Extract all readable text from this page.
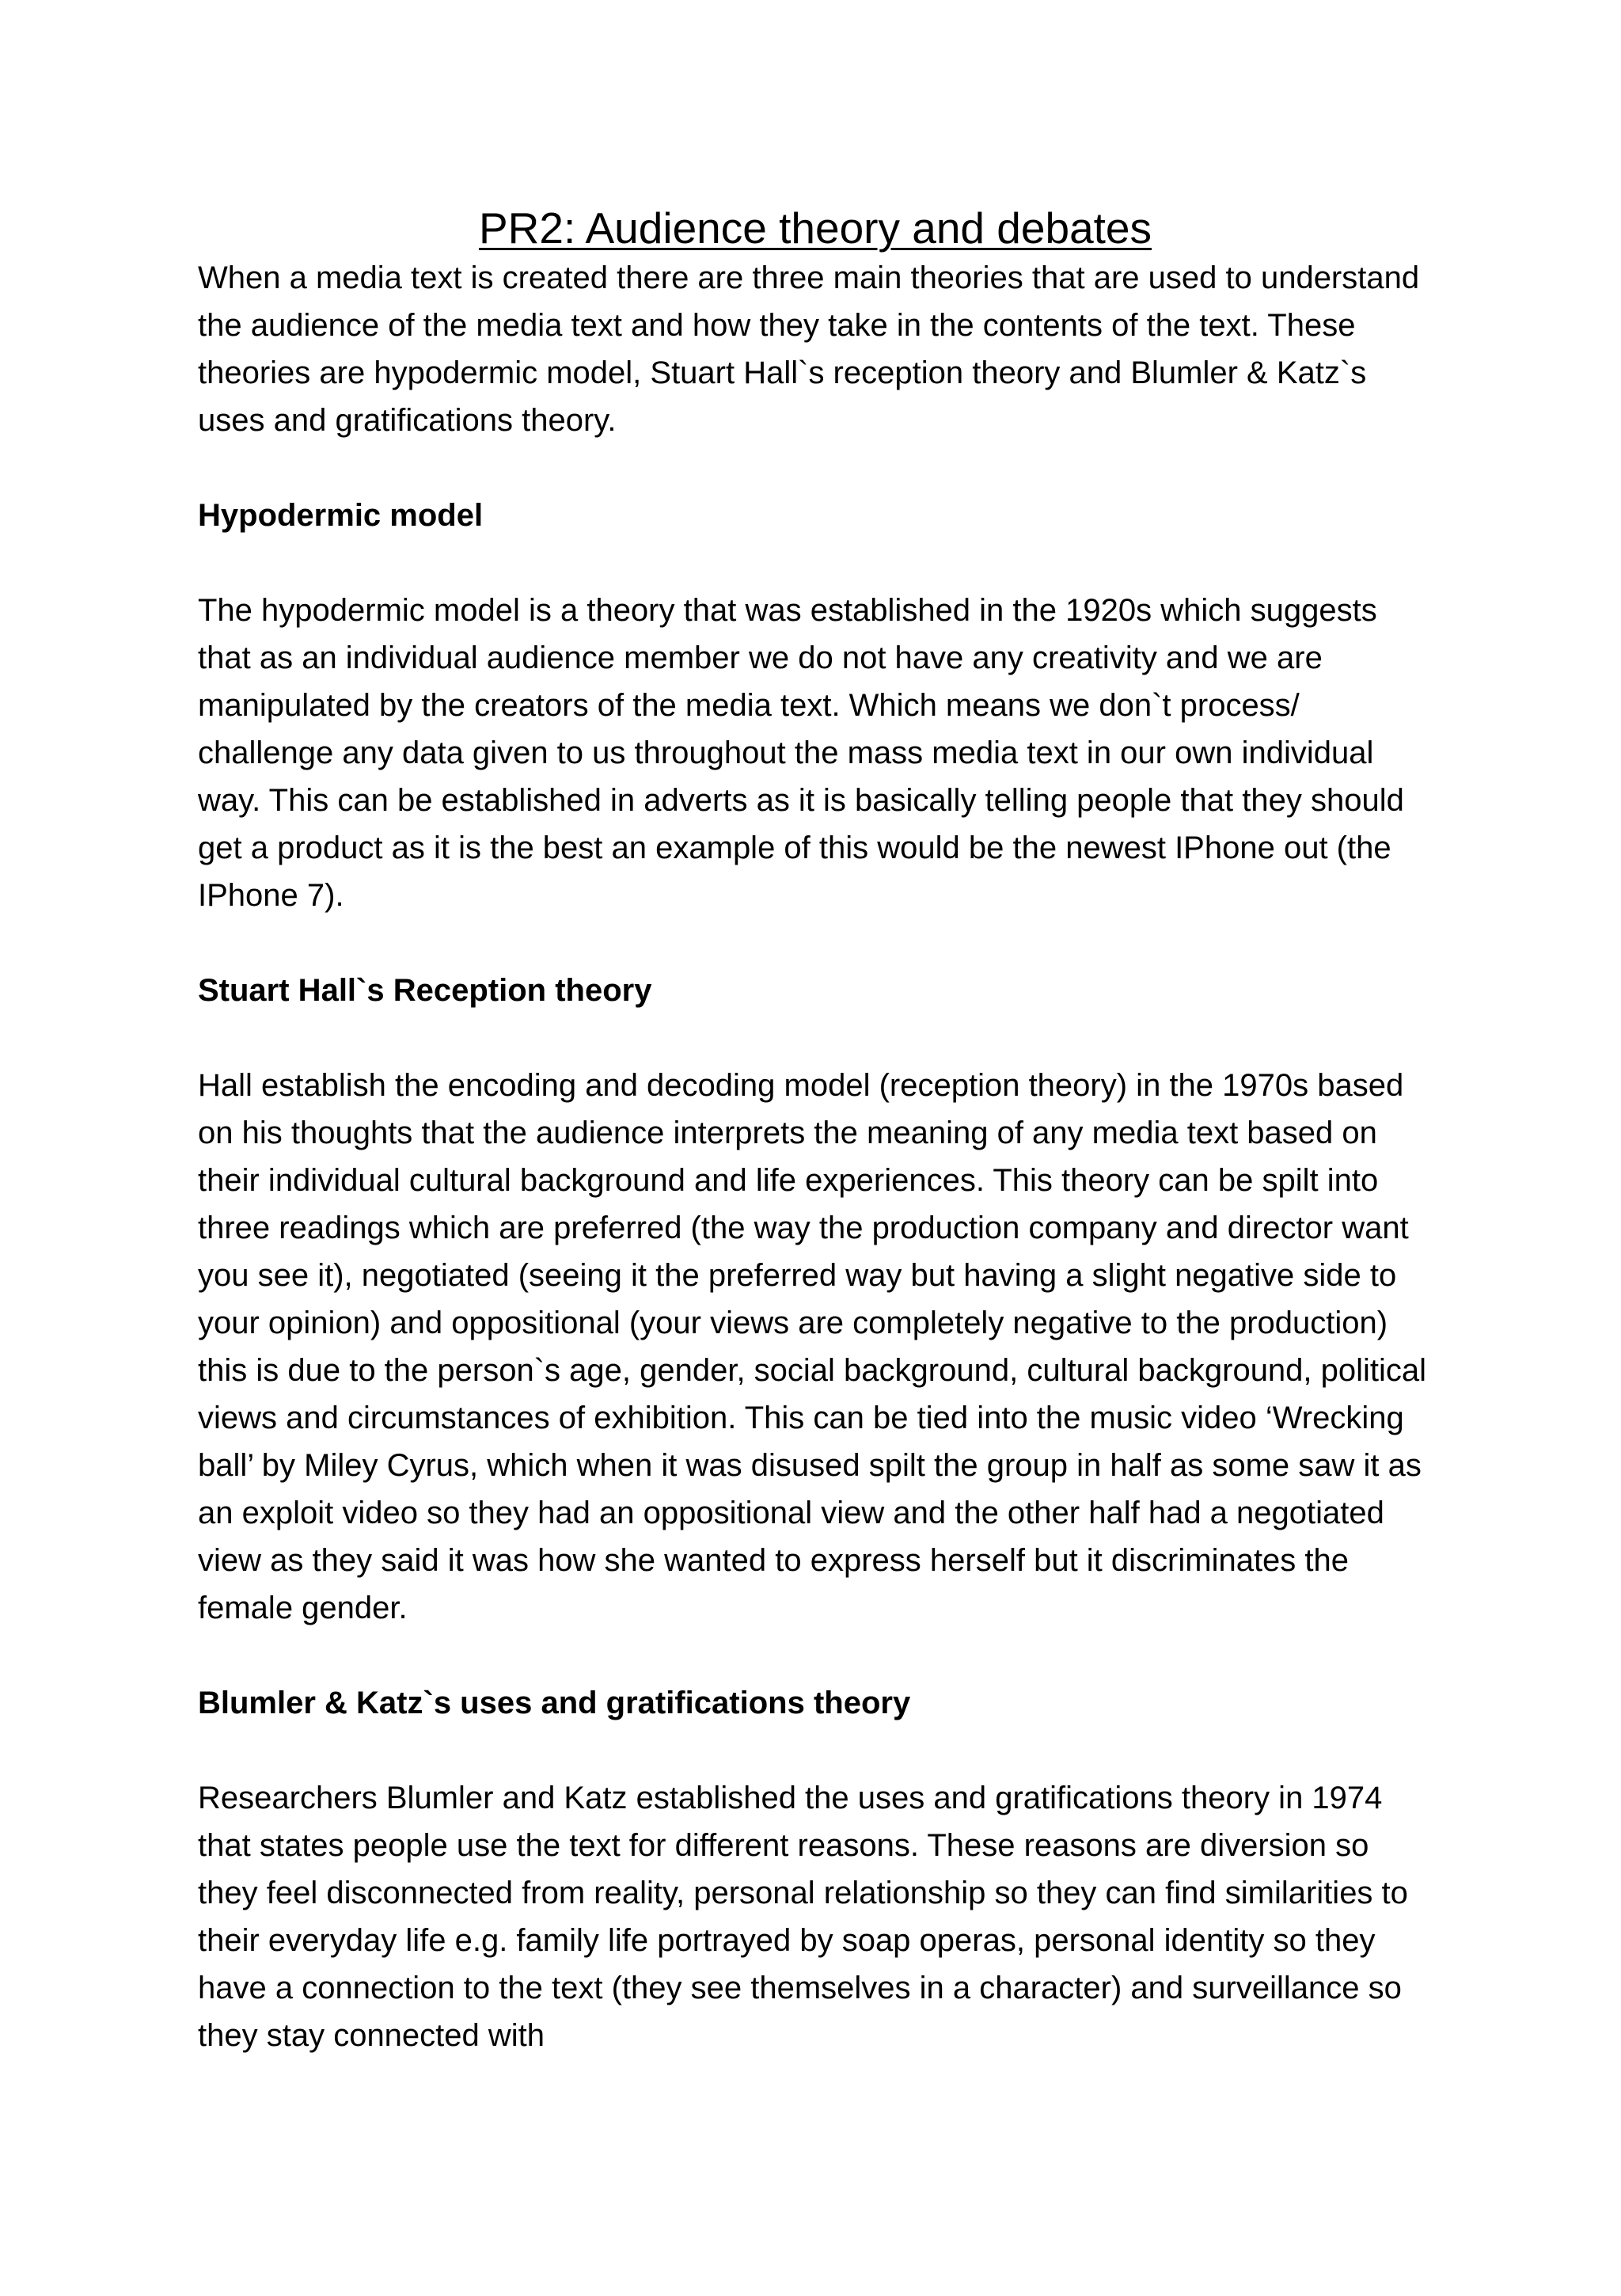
PR2: Audience theory and debates

When a media text is created there are three main theories that are used to understand the audience of the media text and how they take in the contents of the text. These theories are hypodermic model, Stuart Hall`s reception theory and Blumler & Katz`s uses and gratifications theory.

Hypodermic model

The hypodermic model is a theory that was established in the 1920s which suggests that as an individual audience member we do not have any creativity and we are manipulated by the creators of the media text. Which means we don`t process/ challenge any data given to us throughout the mass media text in our own individual way. This can be established in adverts as it is basically telling people that they should get a product as it is the best an example of this would be the newest IPhone out (the IPhone 7).

Stuart Hall`s Reception theory

Hall establish the encoding and decoding model (reception theory) in the 1970s based on his thoughts that the audience interprets the meaning of any media text based on their individual cultural background and life experiences. This theory can be spilt into three readings which are preferred (the way the production company and director want you see it), negotiated (seeing it the preferred way but having a slight negative side to your opinion) and oppositional (your views are completely negative to the production) this is due to the person`s age, gender, social background, cultural background, political views and circumstances of exhibition. This can be tied into the music video ‘Wrecking ball’ by Miley Cyrus, which when it was disused spilt the group in half as some saw it as an exploit video so they had an oppositional view and the other half had a negotiated view as they said it was how she wanted to express herself but it discriminates the female gender.

Blumler & Katz`s uses and gratifications theory

Researchers Blumler and Katz established the uses and gratifications theory in 1974 that states people use the text for different reasons. These reasons are diversion so they feel disconnected from reality, personal relationship so they can find similarities to their everyday life e.g. family life portrayed by soap operas, personal identity so they have a connection to the text (they see themselves in a character) and surveillance so they stay connected with
